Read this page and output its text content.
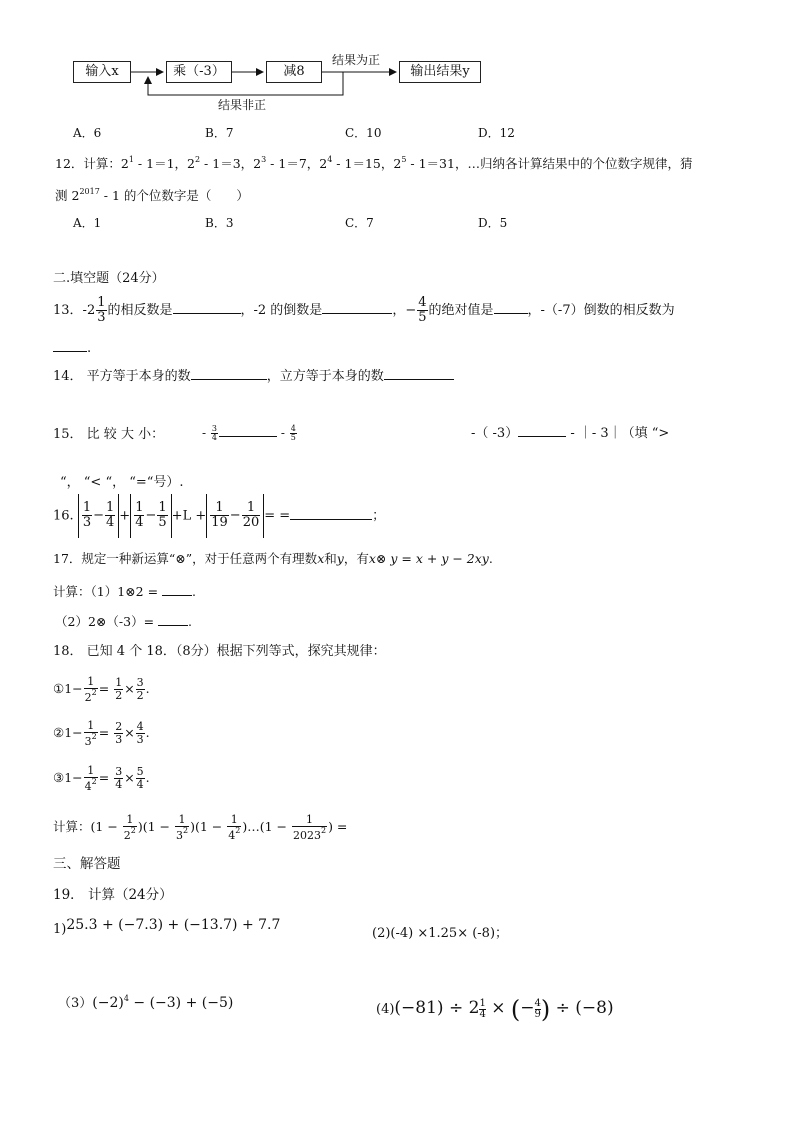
输入x	乘（-3）	减8	输出结果y
结果为正
结果非正
A．6	B．7	C．10	D．12
12．计算：$2^1 - 1=1$，$2^2 - 1=3$，$2^3 - 1=7$，$2^4 - 1=15$，$2^5 - 1=31$，…归纳各计算结果中的个位数字规律，猜
测 $2^{2017} - 1$ 的个位数字是（　　）
A．1	B．3	C．7	D．5
二.填空题（24分）
13．$-2 \frac{1}{3}$ 的相反数是	，-2 的倒数是	，− $\frac{4}{5}$ 的绝对值是	，-（-7）倒数的相反数为
.
14． 平方等于本身的数	，立方等于本身的数
15． 比 较 大 小：	- $\frac{3}{4}$	- $\frac{4}{5}$	-（ -3）	- ｜- 3｜（填 “>
“， “< “， “=“号）.
16. $\frac{1}{3} - \frac{1}{4} + \frac{1}{4} - \frac{1}{5} +L + \frac{1}{19} - \frac{1}{20}$ = =	；
17．规定一种新运算“⊗”，对于任意两个有理数x和y，有x⊗ y = x + y − 2xy.
计算：（1）1⊗2 = .
（2）2⊗（-3）= .
18． 已知 4 个 18．（8分）根据下列等式，探究其规律：
①1− $\frac{1}{2^2} = \frac{1}{2} \times \frac{3}{2}$ .
②1− $\frac{1}{3^2} = \frac{2}{3} \times \frac{4}{3}$ .
③1− $\frac{1}{4^2} = \frac{3}{4} \times \frac{5}{4}$ .
计算：$(1 - \frac{1}{2^2} )(1 - \frac{1}{3^2} )(1 - \frac{1}{4^2}$ )…(1 − $\frac{1}{2023^2}$ ) =
三、解答题
19． 计算（24分）
1)25.3 + (−7.3) + (−13.7) + 7.7
(2)(-4) ×1.25× (-8)；
$(3)(-2)^4 - (-3) + (-5)$	$(4)(-81) \div 2 \frac{1}{4}$ × (− $\frac{4}{9}) \div (-8)$
